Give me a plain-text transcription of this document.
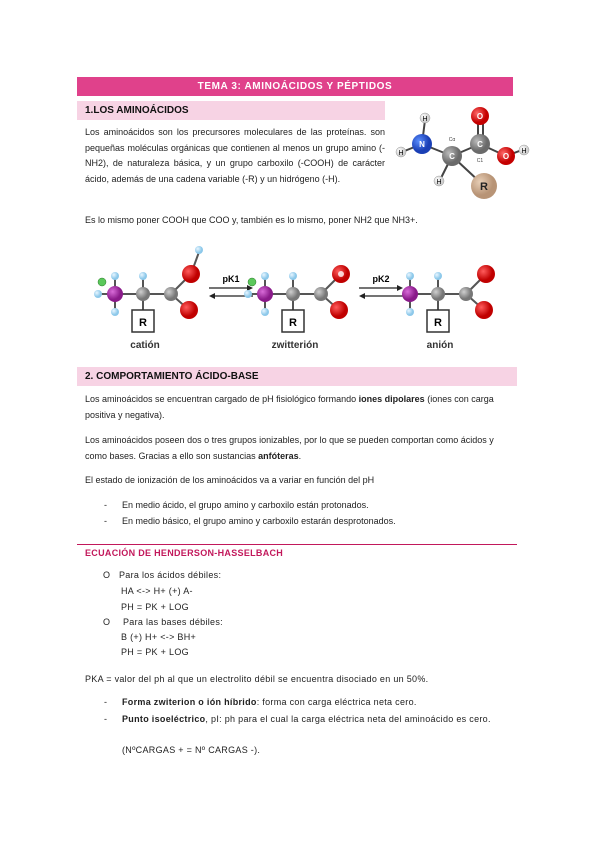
TEMA 3: AMINOÁCIDOS Y PÉPTIDOS
1.LOS AMINOÁCIDOS
N
H
H	C
Cα	C
C1
O
O
H
H	R
Los aminoácidos son los precursores moleculares de las proteínas. son pequeñas moléculas orgánicas que contienen al menos un grupo amino (-NH2), de naturaleza básica, y un grupo carboxilo (-COOH) de carácter ácido, además de una cadena variable (-R) y un hidrógeno (-H).
Es lo mismo poner COOH que COO y, también es lo mismo, poner NH2 que NH3+.
R
catión
pK1
R
zwitterión
pK2
R
anión
2. COMPORTAMIENTO ÁCIDO-BASE
Los aminoácidos se encuentran cargado de pH fisiológico formando iones dipolares (iones con carga positiva y negativa).
Los aminoácidos poseen dos o tres grupos ionizables, por lo que se pueden comportan como ácidos y como bases. Gracias a ello son sustancias anfóteras.
El estado de ionización de los aminoácidos va a variar en función del pH
- En medio ácido, el grupo amino y carboxilo están protonados.
- En medio básico, el grupo amino y carboxilo estarán desprotonados.
ECUACIÓN DE HENDERSON-HASSELBACH
O Para los ácidos débiles:
HA <-> H+ (+) A-
PH = PK + LOG
O Para las bases débiles:
B (+) H+ <-> BH+
PH = PK + LOG
PKA = valor del ph al que un electrolito débil se encuentra disociado en un 50%.
- Forma zwiterion o ión híbrido: forma con carga eléctrica neta cero.
- Punto isoeléctrico, pI: ph para el cual la carga eléctrica neta del aminoácido es cero.
(NºCARGAS + = Nº CARGAS -).
